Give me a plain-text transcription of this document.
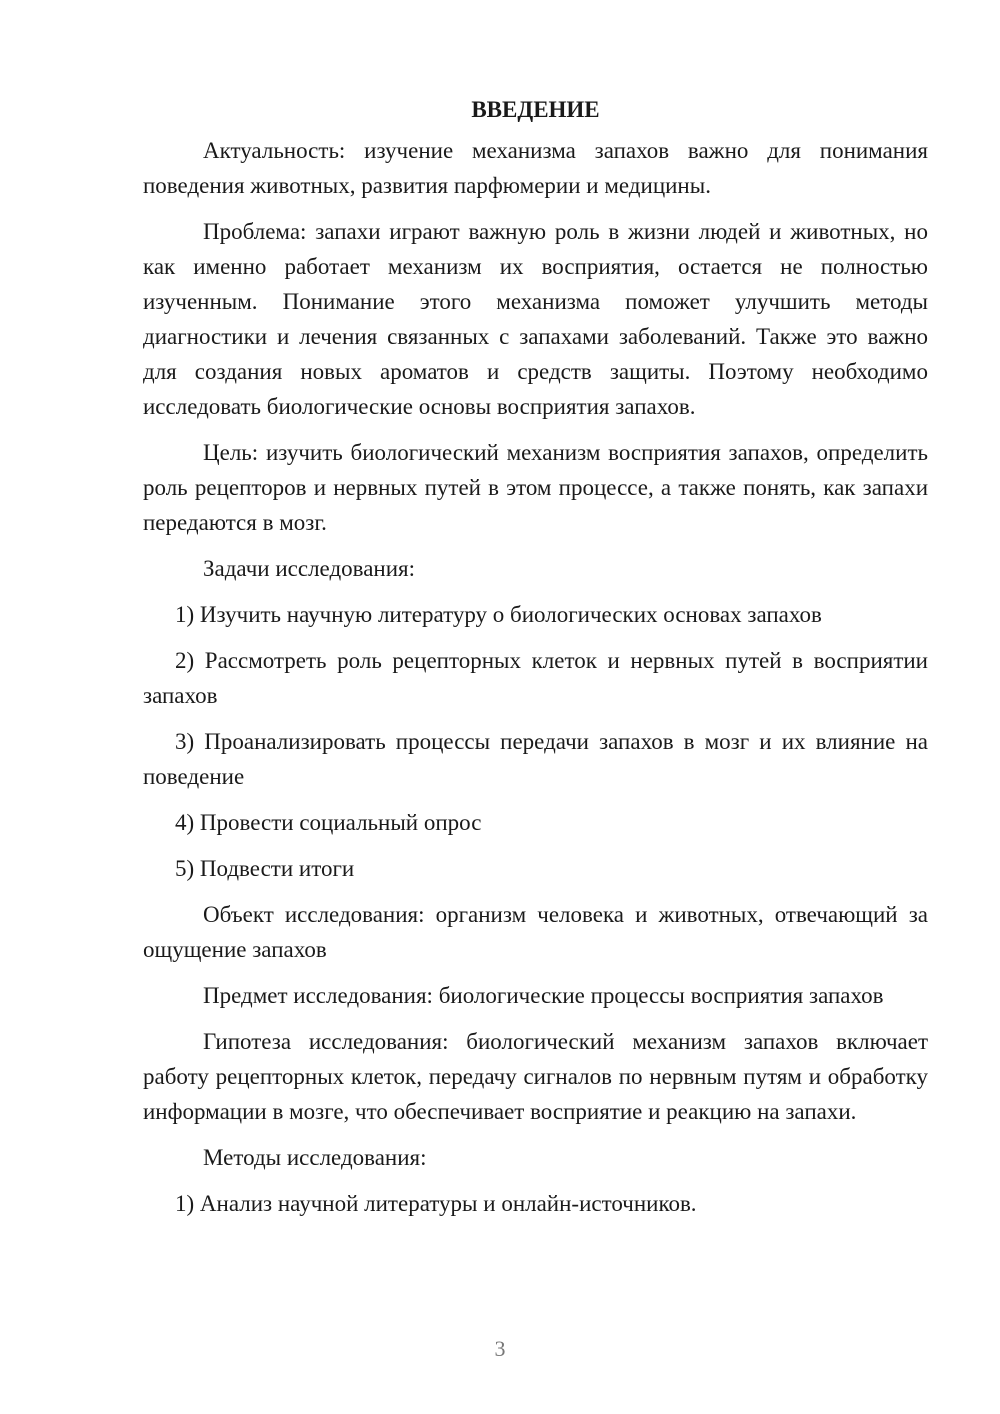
ВВЕДЕНИЕ

Актуальность: изучение механизма запахов важно для понимания поведения животных, развития парфюмерии и медицины.

Проблема: запахи играют важную роль в жизни людей и животных, но как именно работает механизм их восприятия, остается не полностью изученным. Понимание этого механизма поможет улучшить методы диагностики и лечения связанных с запахами заболеваний. Также это важно для создания новых ароматов и средств защиты. Поэтому необходимо исследовать биологические основы восприятия запахов.

Цель: изучить биологический механизм восприятия запахов, определить роль рецепторов и нервных путей в этом процессе, а также понять, как запахи передаются в мозг.

Задачи исследования:

1) Изучить научную литературу о биологических основах запахов

2) Рассмотреть роль рецепторных клеток и нервных путей в восприятии запахов

3) Проанализировать процессы передачи запахов в мозг и их влияние на поведение

4) Провести социальный опрос

5) Подвести итоги

Объект исследования: организм человека и животных, отвечающий за ощущение запахов

Предмет исследования: биологические процессы восприятия запахов

Гипотеза исследования: биологический механизм запахов включает работу рецепторных клеток, передачу сигналов по нервным путям и обработку информации в мозге, что обеспечивает восприятие и реакцию на запахи.

Методы исследования:

1) Анализ научной литературы и онлайн-источников.

3
